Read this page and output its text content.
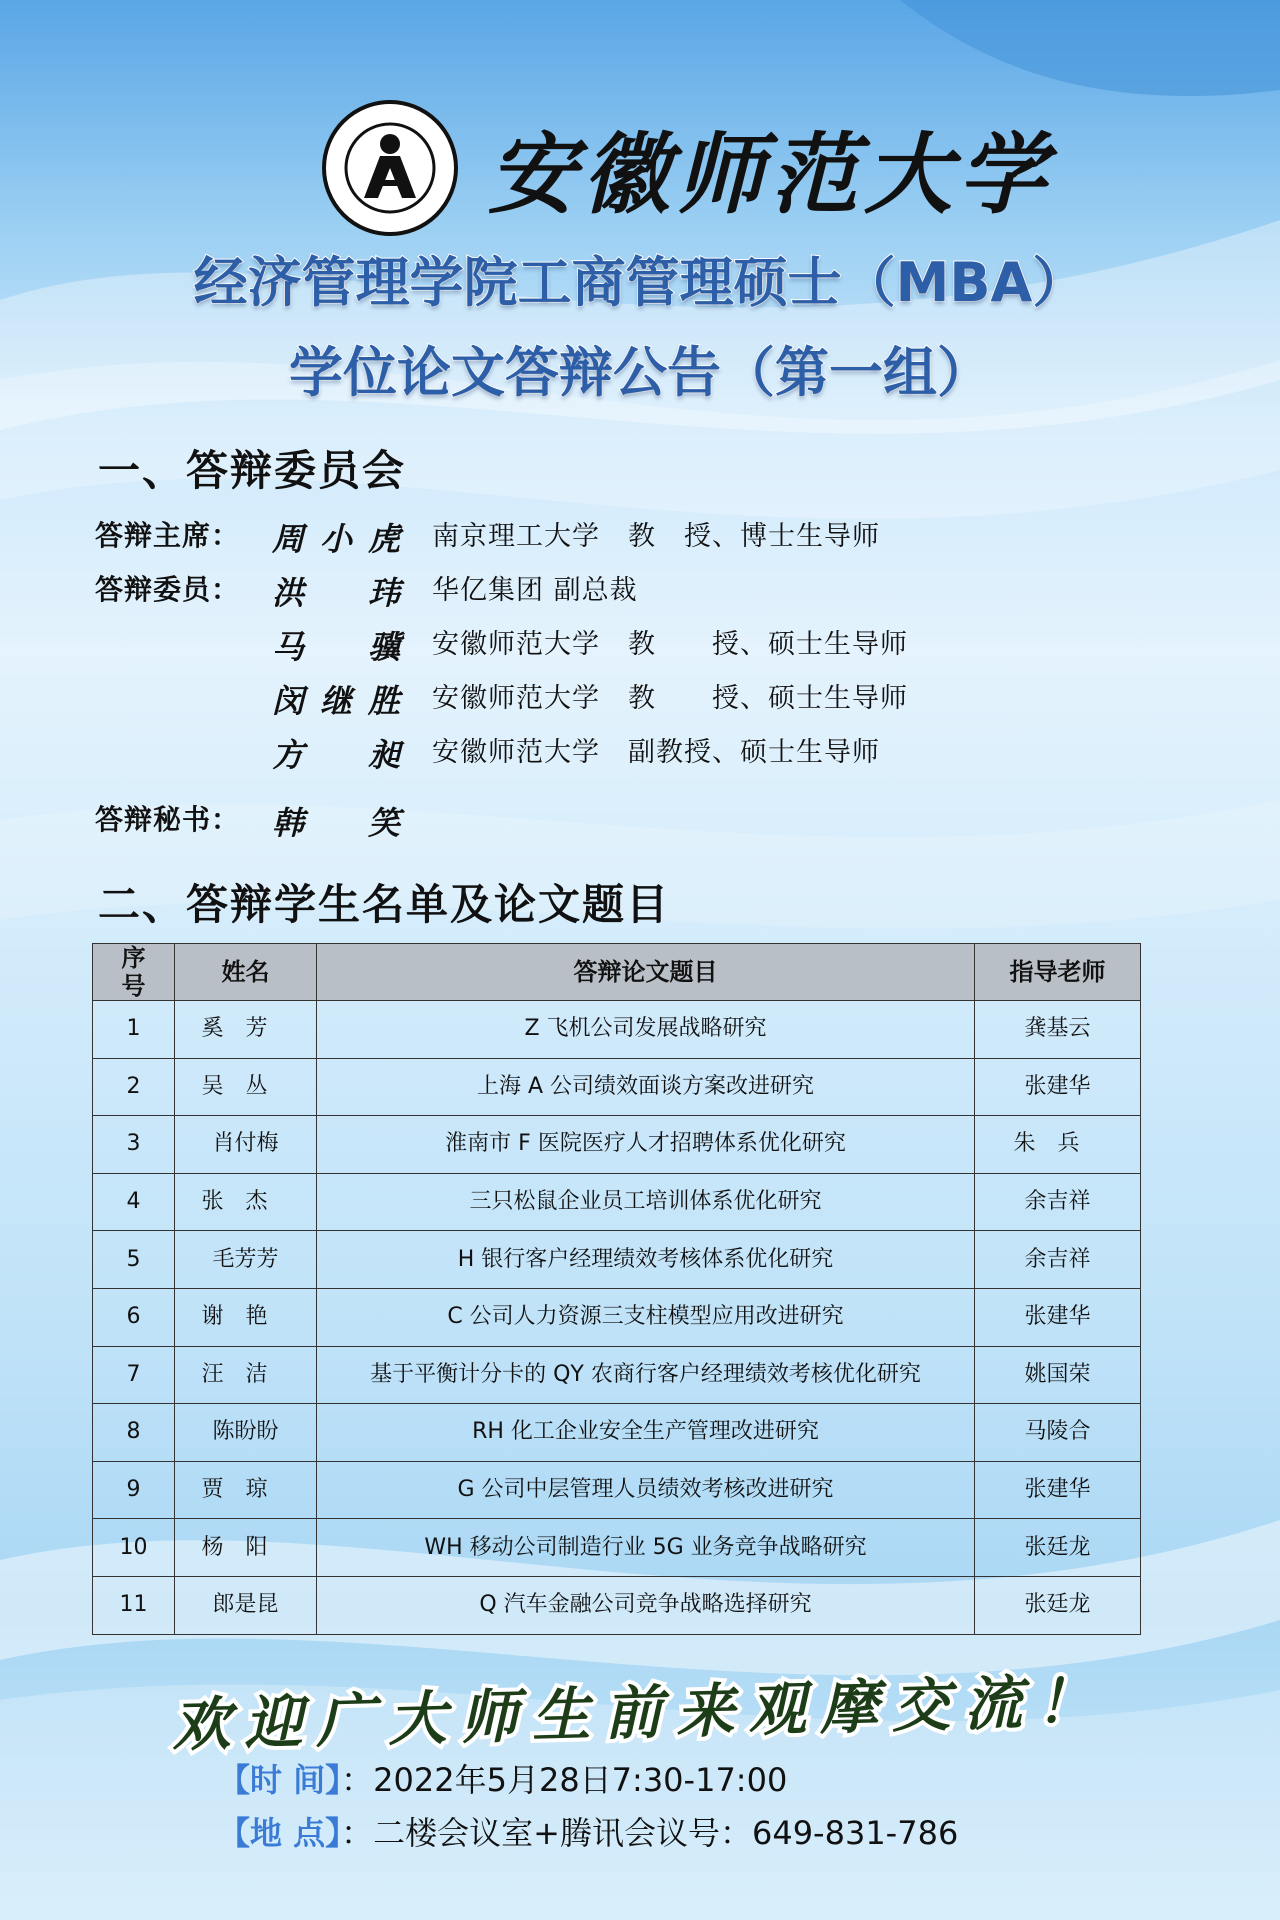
安徽师范大学
经济管理学院工商管理硕士（MBA）
学位论文答辩公告（第一组）
一、答辩委员会
答辩主席： 周小虎 南京理工大学　教　授、博士生导师
答辩委员： 洪玮 华亿集团 副总裁
马骥 安徽师范大学　教　　授、硕士生导师
闵继胜 安徽师范大学　教　　授、硕士生导师
方昶 安徽师范大学　副教授、硕士生导师
答辩秘书： 韩笑
二、答辩学生名单及论文题目
序号	姓名	答辩论文题目	指导老师
1	奚芳	Z 飞机公司发展战略研究	龚基云
2	吴丛	上海 A 公司绩效面谈方案改进研究	张建华
3	肖付梅	淮南市 F 医院医疗人才招聘体系优化研究	朱兵
4	张杰	三只松鼠企业员工培训体系优化研究	余吉祥
5	毛芳芳	H 银行客户经理绩效考核体系优化研究	余吉祥
6	谢艳	C 公司人力资源三支柱模型应用改进研究	张建华
7	汪洁	基于平衡计分卡的 QY 农商行客户经理绩效考核优化研究	姚国荣
8	陈盼盼	RH 化工企业安全生产管理改进研究	马陵合
9	贾琼	G 公司中层管理人员绩效考核改进研究	张建华
10	杨阳	WH 移动公司制造行业 5G 业务竞争战略研究	张廷龙
11	郎是昆	Q 汽车金融公司竞争战略选择研究	张廷龙
欢迎广大师生前来观摩交流！
【时 间】：2022年5月28日7:30-17:00
【地 点】：二楼会议室+腾讯会议号：649-831-786
